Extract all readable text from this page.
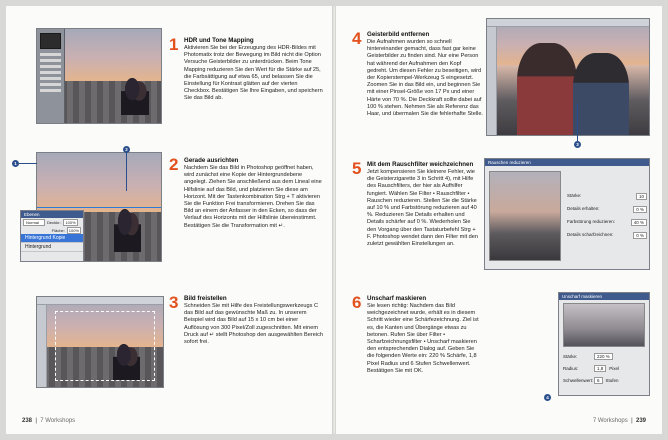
1 HDR und Tone Mapping
Aktivieren Sie bei der Erzeugung des HDR-Bildes mit Photomatix trotz der Bewegung im Bild nicht die Option Versuche Geisterbilder zu unterdrücken. Beim Tone Mapping reduzieren Sie den Wert für die Stärke auf 25, die Farbsättigung auf etwa 65, und belassen Sie die Einstellung für Kontrast glätten auf der vierten Checkbox. Bestätigen Sie Ihre Eingaben, und speichern Sie das Bild ab.
Ebenen
Normal	Deckkr.:	100%
Fläche:	100%
Hintergrund Kopie
Hintergrund
1
2
2 Gerade ausrichten
Nachdem Sie das Bild in Photoshop geöffnet haben, wird zunächst eine Kopie der Hintergrundebene angelegt. Ziehen Sie anschließend aus dem Lineal eine Hilfslinie auf das Bild, und platzieren Sie diese am Horizont. Mit der Tastenkombination Strg + T aktivieren Sie die Funktion Frei transformieren. Drehen Sie das Bild an einem der Anfasser in den Ecken, so dass der Verlauf des Horizonts mit der Hilfslinie übereinstimmt. Bestätigen Sie die Transformation mit ↵.
3 Bild freistellen
Schneiden Sie mit Hilfe des Freistellungswerkzeugs C das Bild auf das gewünschte Maß zu. In unserem Beispiel wird das Bild auf 15 x 10 cm bei einer Auflösung von 300 Pixel/Zoll zugeschnitten. Mit einem Druck auf ↵ stellt Photoshop den ausgewählten Bereich sofort frei.
238  |  7 Workshops
4 Geisterbild entfernen
Die Aufnahmen wurden so schnell hintereinander gemacht, dass fast gar keine Geisterbilder zu finden sind. Nur eine Person hat während der Aufnahmen den Kopf gedreht. Um diesen Fehler zu beseitigen, wird der Kopierstempel-Werkzeug S eingesetzt. Zoomen Sie in das Bild ein, und beginnen Sie mit einer Pinsel-Größe von 17 Px und einer Härte von 70 %. Die Deckkraft sollte dabei auf 100 % stehen. Nehmen Sie als Referenz das Haar, und übermalen Sie die fehlerhafte Stelle.
3
5 Mit dem Rauschfilter weichzeichnen
Jetzt kompensieren Sie kleinere Fehler, wie die Geisterzigarette 3 in Schritt 4), mit Hilfe des Rauschfilters, der hier als Aufhilfer fungiert. Wählen Sie Filter • Rauschfilter • Rauschen reduzieren. Stellen Sie die Stärke auf 10 % und Farbstörung reduzieren auf 40 %. Reduzieren Sie Details erhalten und Details schärfer auf 0 %. Wiederholen Sie den Vorgang über den Tastaturbefehl Strg + F. Photoshop wendet dann den Filter mit den zuletzt gewählten Einstellungen an.
Rauschen reduzieren
Stärke:	10
Details erhalten:	0 %
Farbstörung reduzieren:	40 %
Details scharfzeichnen:	0 %
6 Unscharf maskieren
Sie lesen richtig: Nachdem das Bild weichgezeichnet wurde, erhält es in diesem Schritt wieder eine Schärfezeichnung. Ziel ist es, die Kanten und Übergänge etwas zu betonen. Rufen Sie über Filter • Scharfzeichnungsfilter • Unscharf maskieren den entsprechenden Dialog auf. Geben Sie die folgenden Werte ein: 220 % Schärfe, 1,8 Pixel Radius und 6 Stufen Schwellenwert. Bestätigen Sie mit OK.
Unscharf maskieren
Stärke:	220 %
Radius:	1,8	Pixel
Schwellenwert: 6	Stufen
4
7 Workshops  |  239
